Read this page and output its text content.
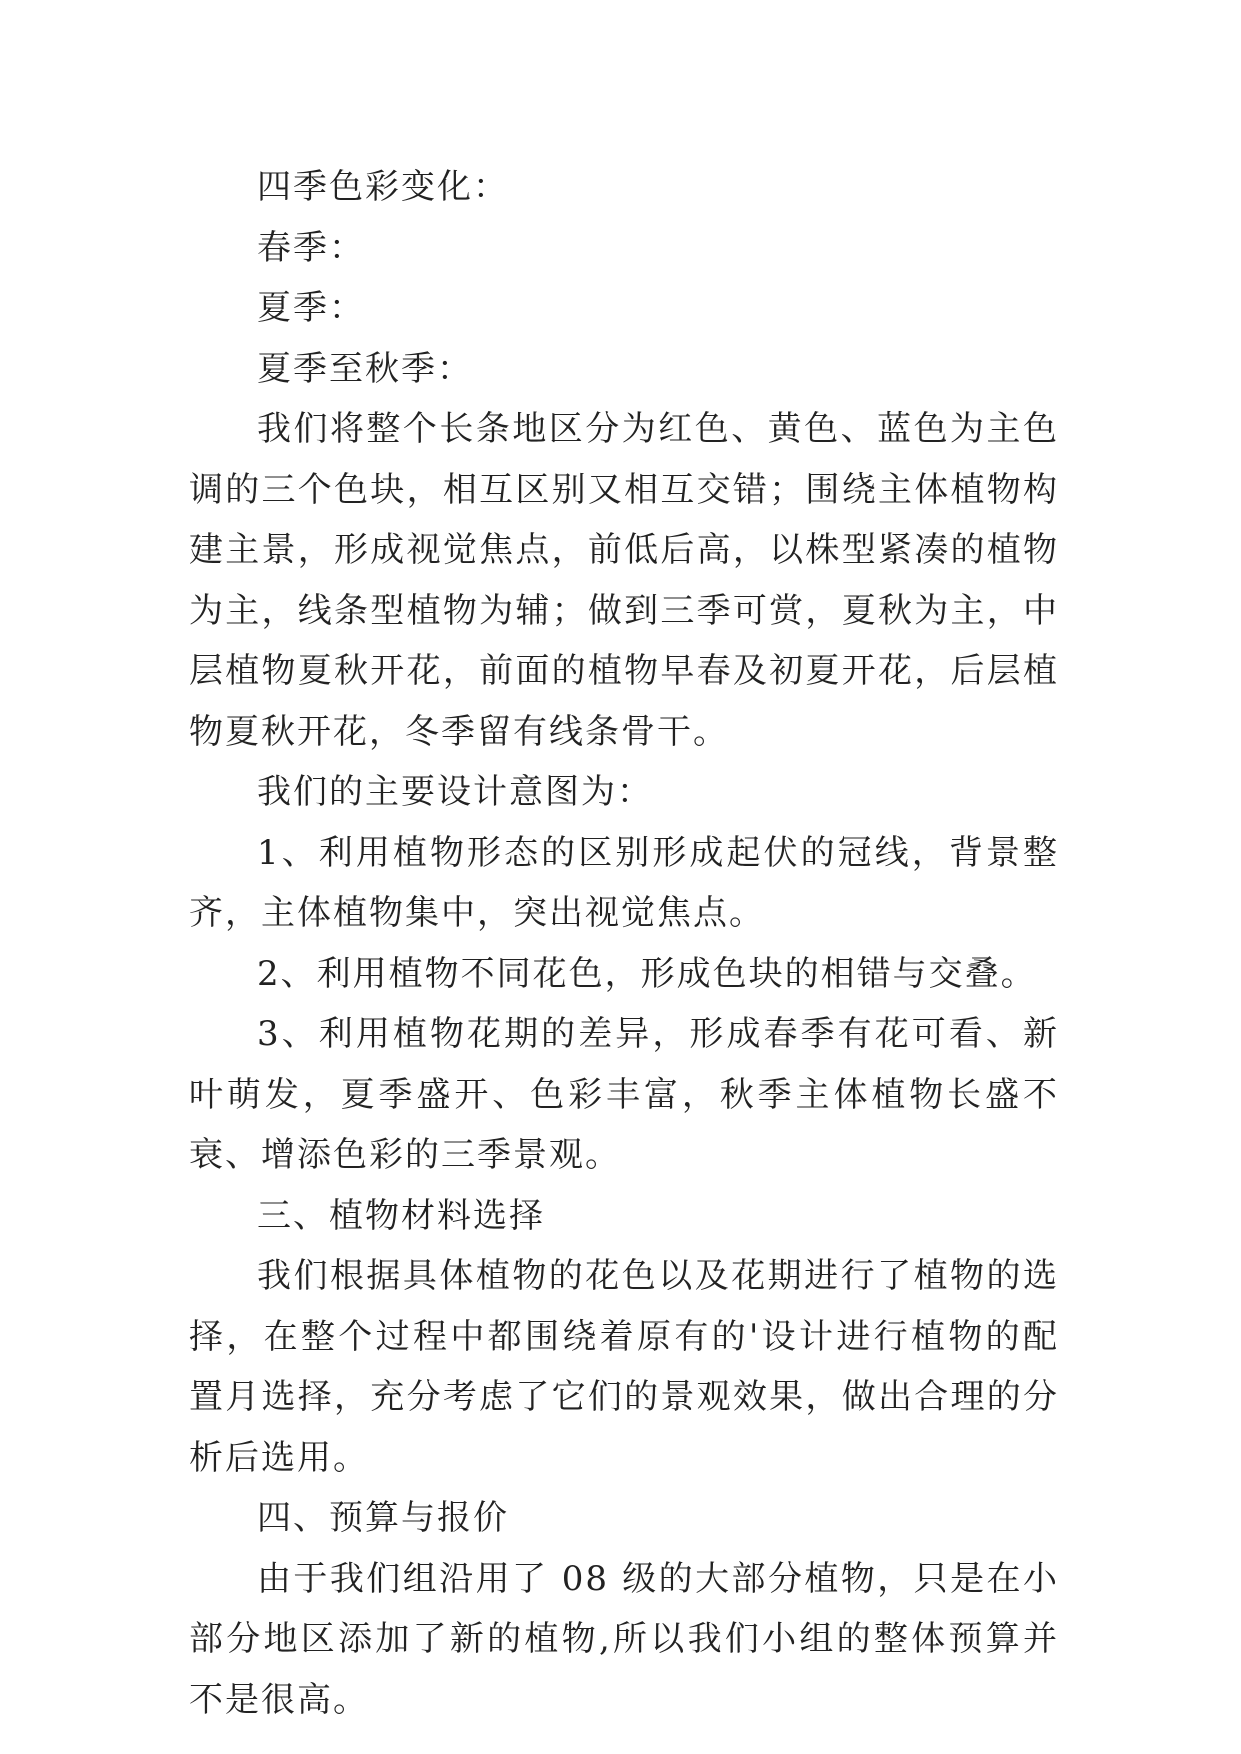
四季色彩变化：

春季：

夏季：

夏季至秋季：

我们将整个长条地区分为红色、黄色、蓝色为主色调的三个色块，相互区别又相互交错；围绕主体植物构建主景，形成视觉焦点，前低后高，以株型紧凑的植物为主，线条型植物为辅；做到三季可赏，夏秋为主，中层植物夏秋开花，前面的植物早春及初夏开花，后层植物夏秋开花，冬季留有线条骨干。

我们的主要设计意图为：

1、利用植物形态的区别形成起伏的冠线，背景整齐，主体植物集中，突出视觉焦点。

2、利用植物不同花色，形成色块的相错与交叠。

3、利用植物花期的差异，形成春季有花可看、新叶萌发，夏季盛开、色彩丰富，秋季主体植物长盛不衰、增添色彩的三季景观。

三、植物材料选择

我们根据具体植物的花色以及花期进行了植物的选择，在整个过程中都围绕着原有的'设计进行植物的配置月选择，充分考虑了它们的景观效果，做出合理的分析后选用。

四、预算与报价

由于我们组沿用了 08 级的大部分植物，只是在小部分地区添加了新的植物,所以我们小组的整体预算并不是很高。
